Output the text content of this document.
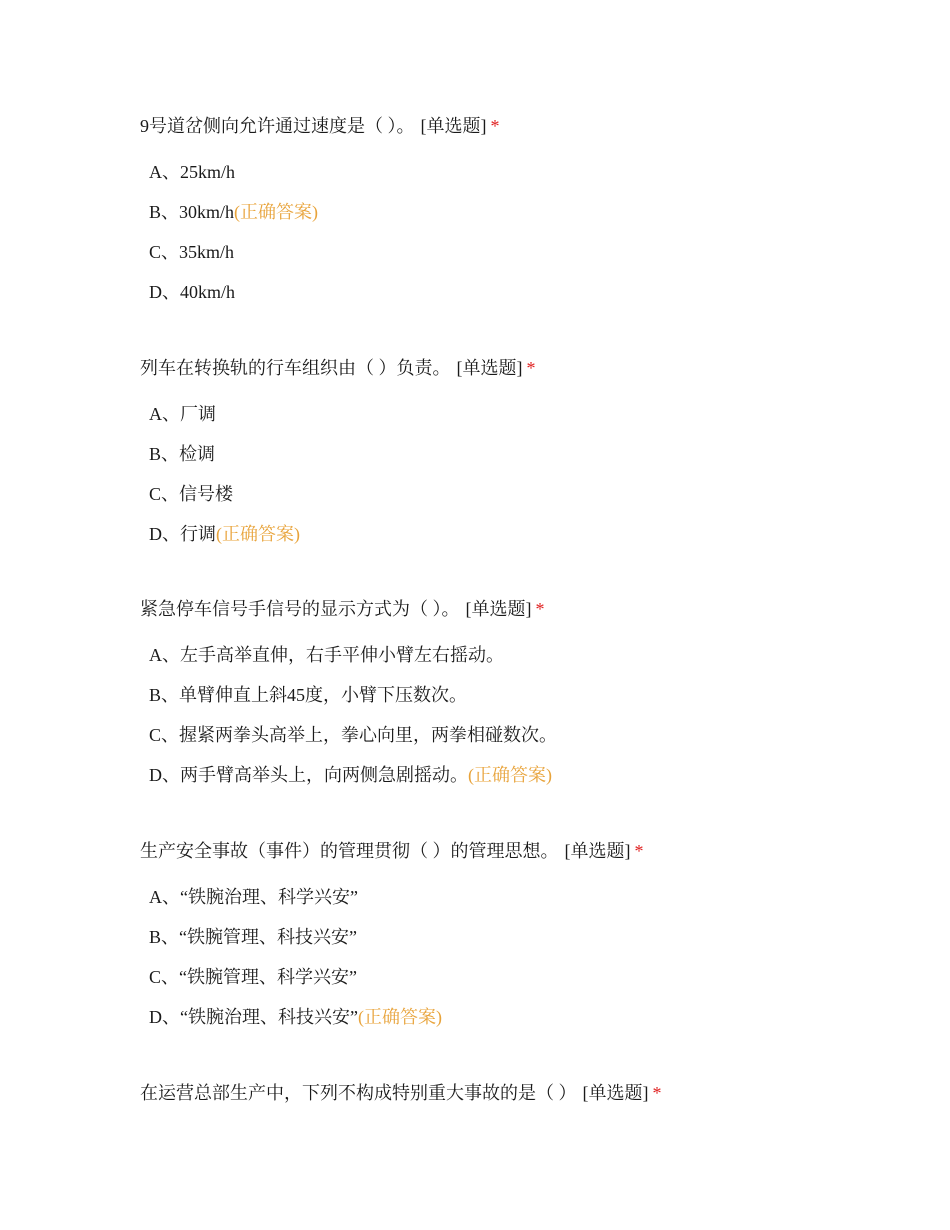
9号道岔侧向允许通过速度是（ ）。 [单选题] *
A、25km/h
B、30km/h(正确答案)
C、35km/h
D、40km/h
列车在转换轨的行车组织由（ ）负责。 [单选题] *
A、厂调
B、检调
C、信号楼
D、行调(正确答案)
紧急停车信号手信号的显示方式为（ ）。 [单选题] *
A、左手高举直伸，右手平伸小臂左右摇动。
B、单臂伸直上斜45度，小臂下压数次。
C、握紧两拳头高举上，拳心向里，两拳相碰数次。
D、两手臂高举头上，向两侧急剧摇动。(正确答案)
生产安全事故（事件）的管理贯彻（ ）的管理思想。 [单选题] *
A、“铁腕治理、科学兴安”
B、“铁腕管理、科技兴安”
C、“铁腕管理、科学兴安”
D、“铁腕治理、科技兴安”(正确答案)
在运营总部生产中，下列不构成特别重大事故的是（ ） [单选题] *
